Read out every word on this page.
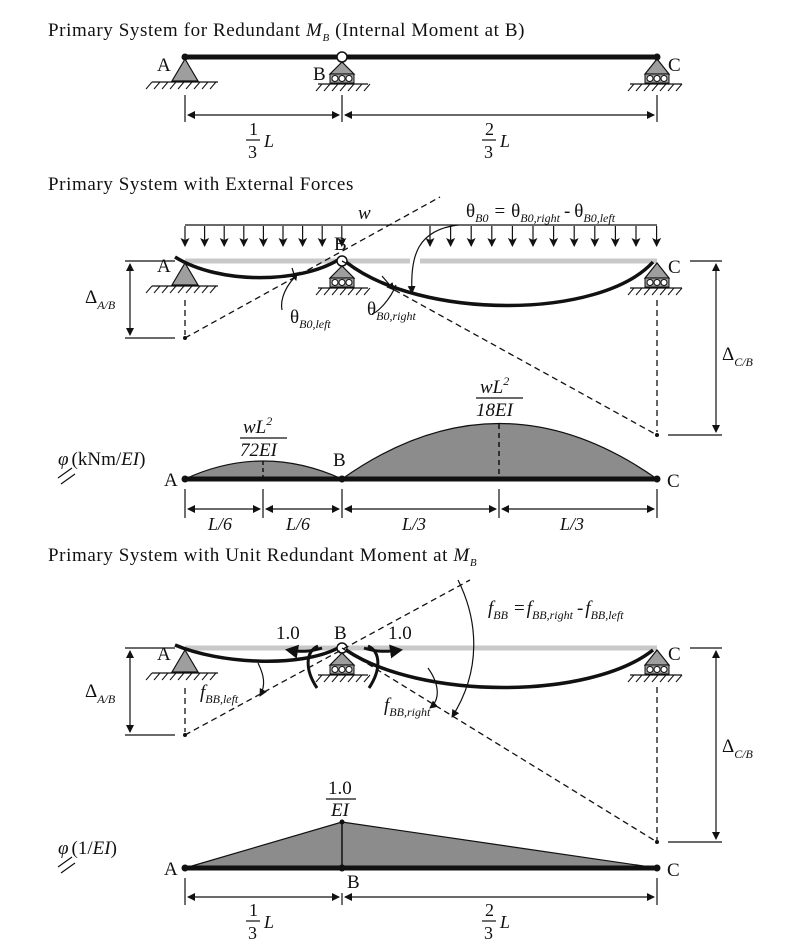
Primary System for Redundant $M_B$ (Internal Moment at B)
A	B	C
1
3
L
2
3
L
Primary System with External Forces
w
A
B
C
$\theta_{B0,left}$
$\theta_{B0,right}$
$\theta_{B0} = \theta_{B0,right} - \theta_{B0,left}$
$\Delta_{A/B}$
$\Delta_{C/B}$
A
B
C
$wL^2$
72EI
$wL^2$
18EI
φ (kNm/EI)
L/6	L/6	L/3	L/3
Primary System with Unit Redundant Moment at $M_B$
A
B
C
1.0	1.0
$f_{BB,left}$	$f_{BB,right}$
$f_{BB} = f_{BB,right} - f_{BB,left}$
$\Delta_{A/B}$
$\Delta_{C/B}$
A
B
C
1.0
EI
φ (1/EI)
1
3
L
2
3
L
